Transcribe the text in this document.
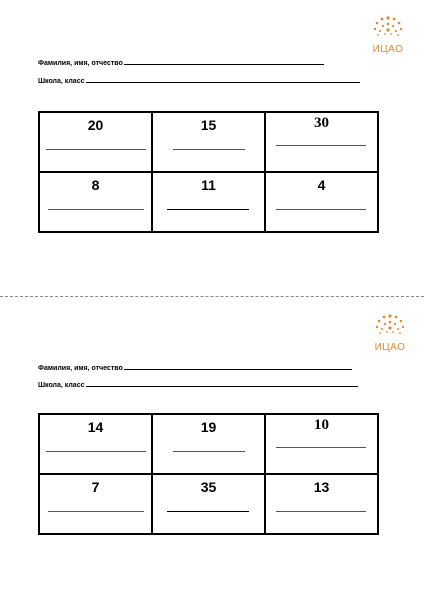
ИЦАО
Фамилия, имя, отчество
Школа, класс
20	15	30

8	11	4
ИЦАО
Фамилия, имя, отчество
Школа, класс
14	19	10

7	35	13
